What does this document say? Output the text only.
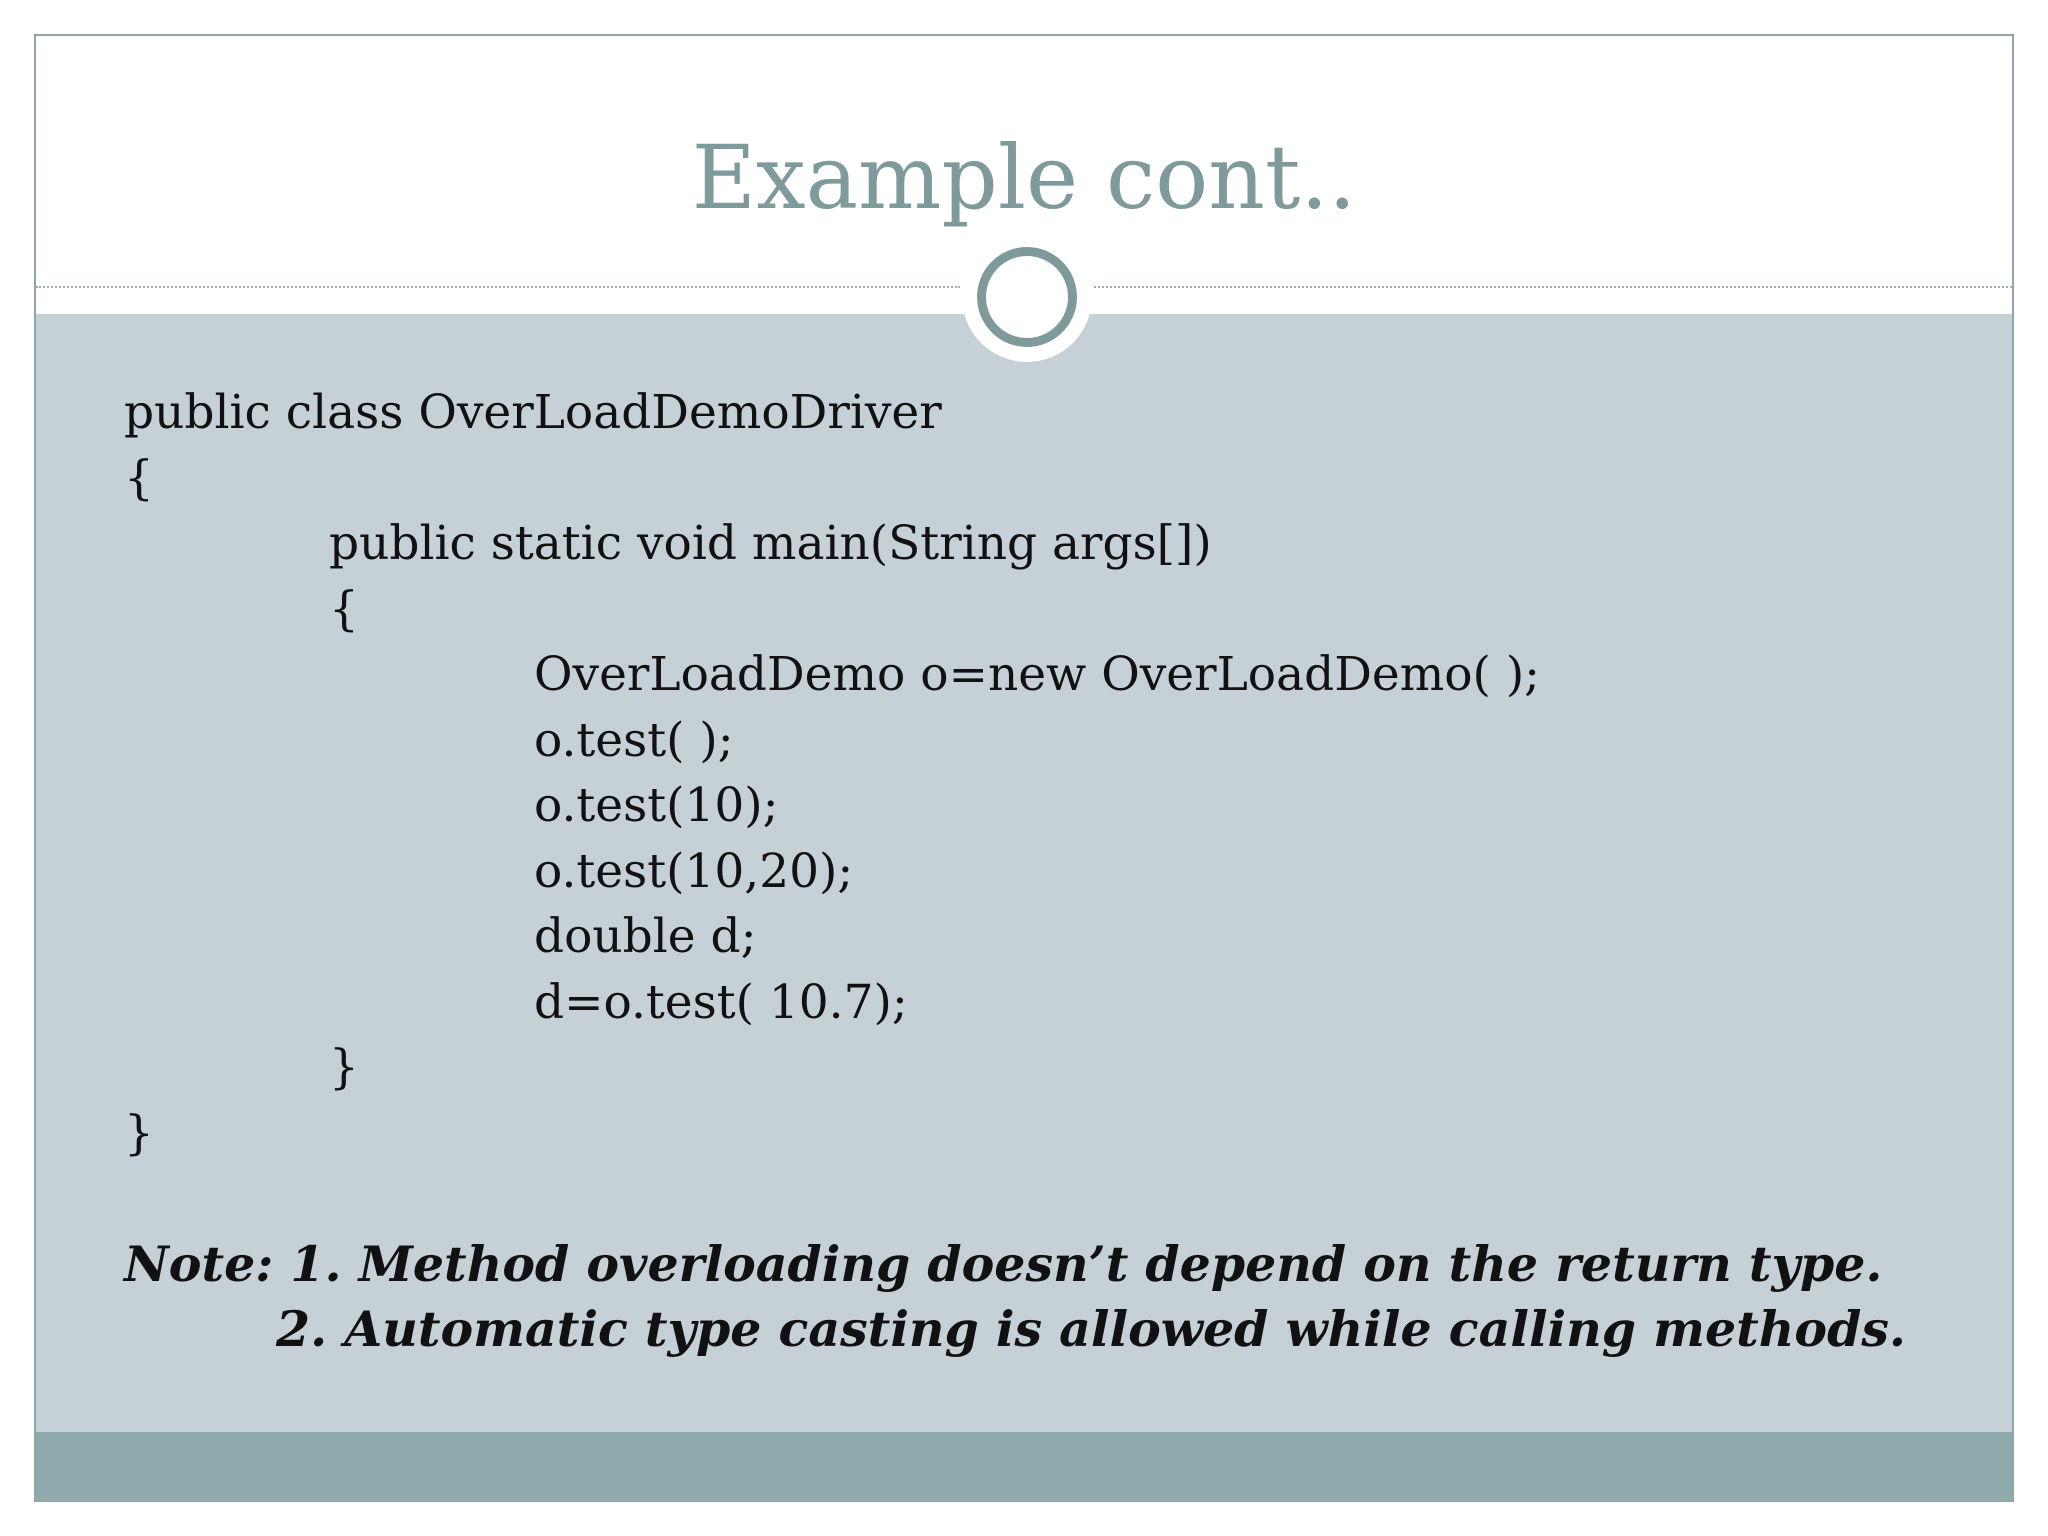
Example cont..
public class OverLoadDemoDriver
{
public static void main(String args[])
{
OverLoadDemo o=new OverLoadDemo( );
o.test( );
o.test(10);
o.test(10,20);
double d;
d=o.test( 10.7);
}
}
Note: 1. Method overloading doesn’t depend on the return type.
2. Automatic type casting is allowed while calling methods.
